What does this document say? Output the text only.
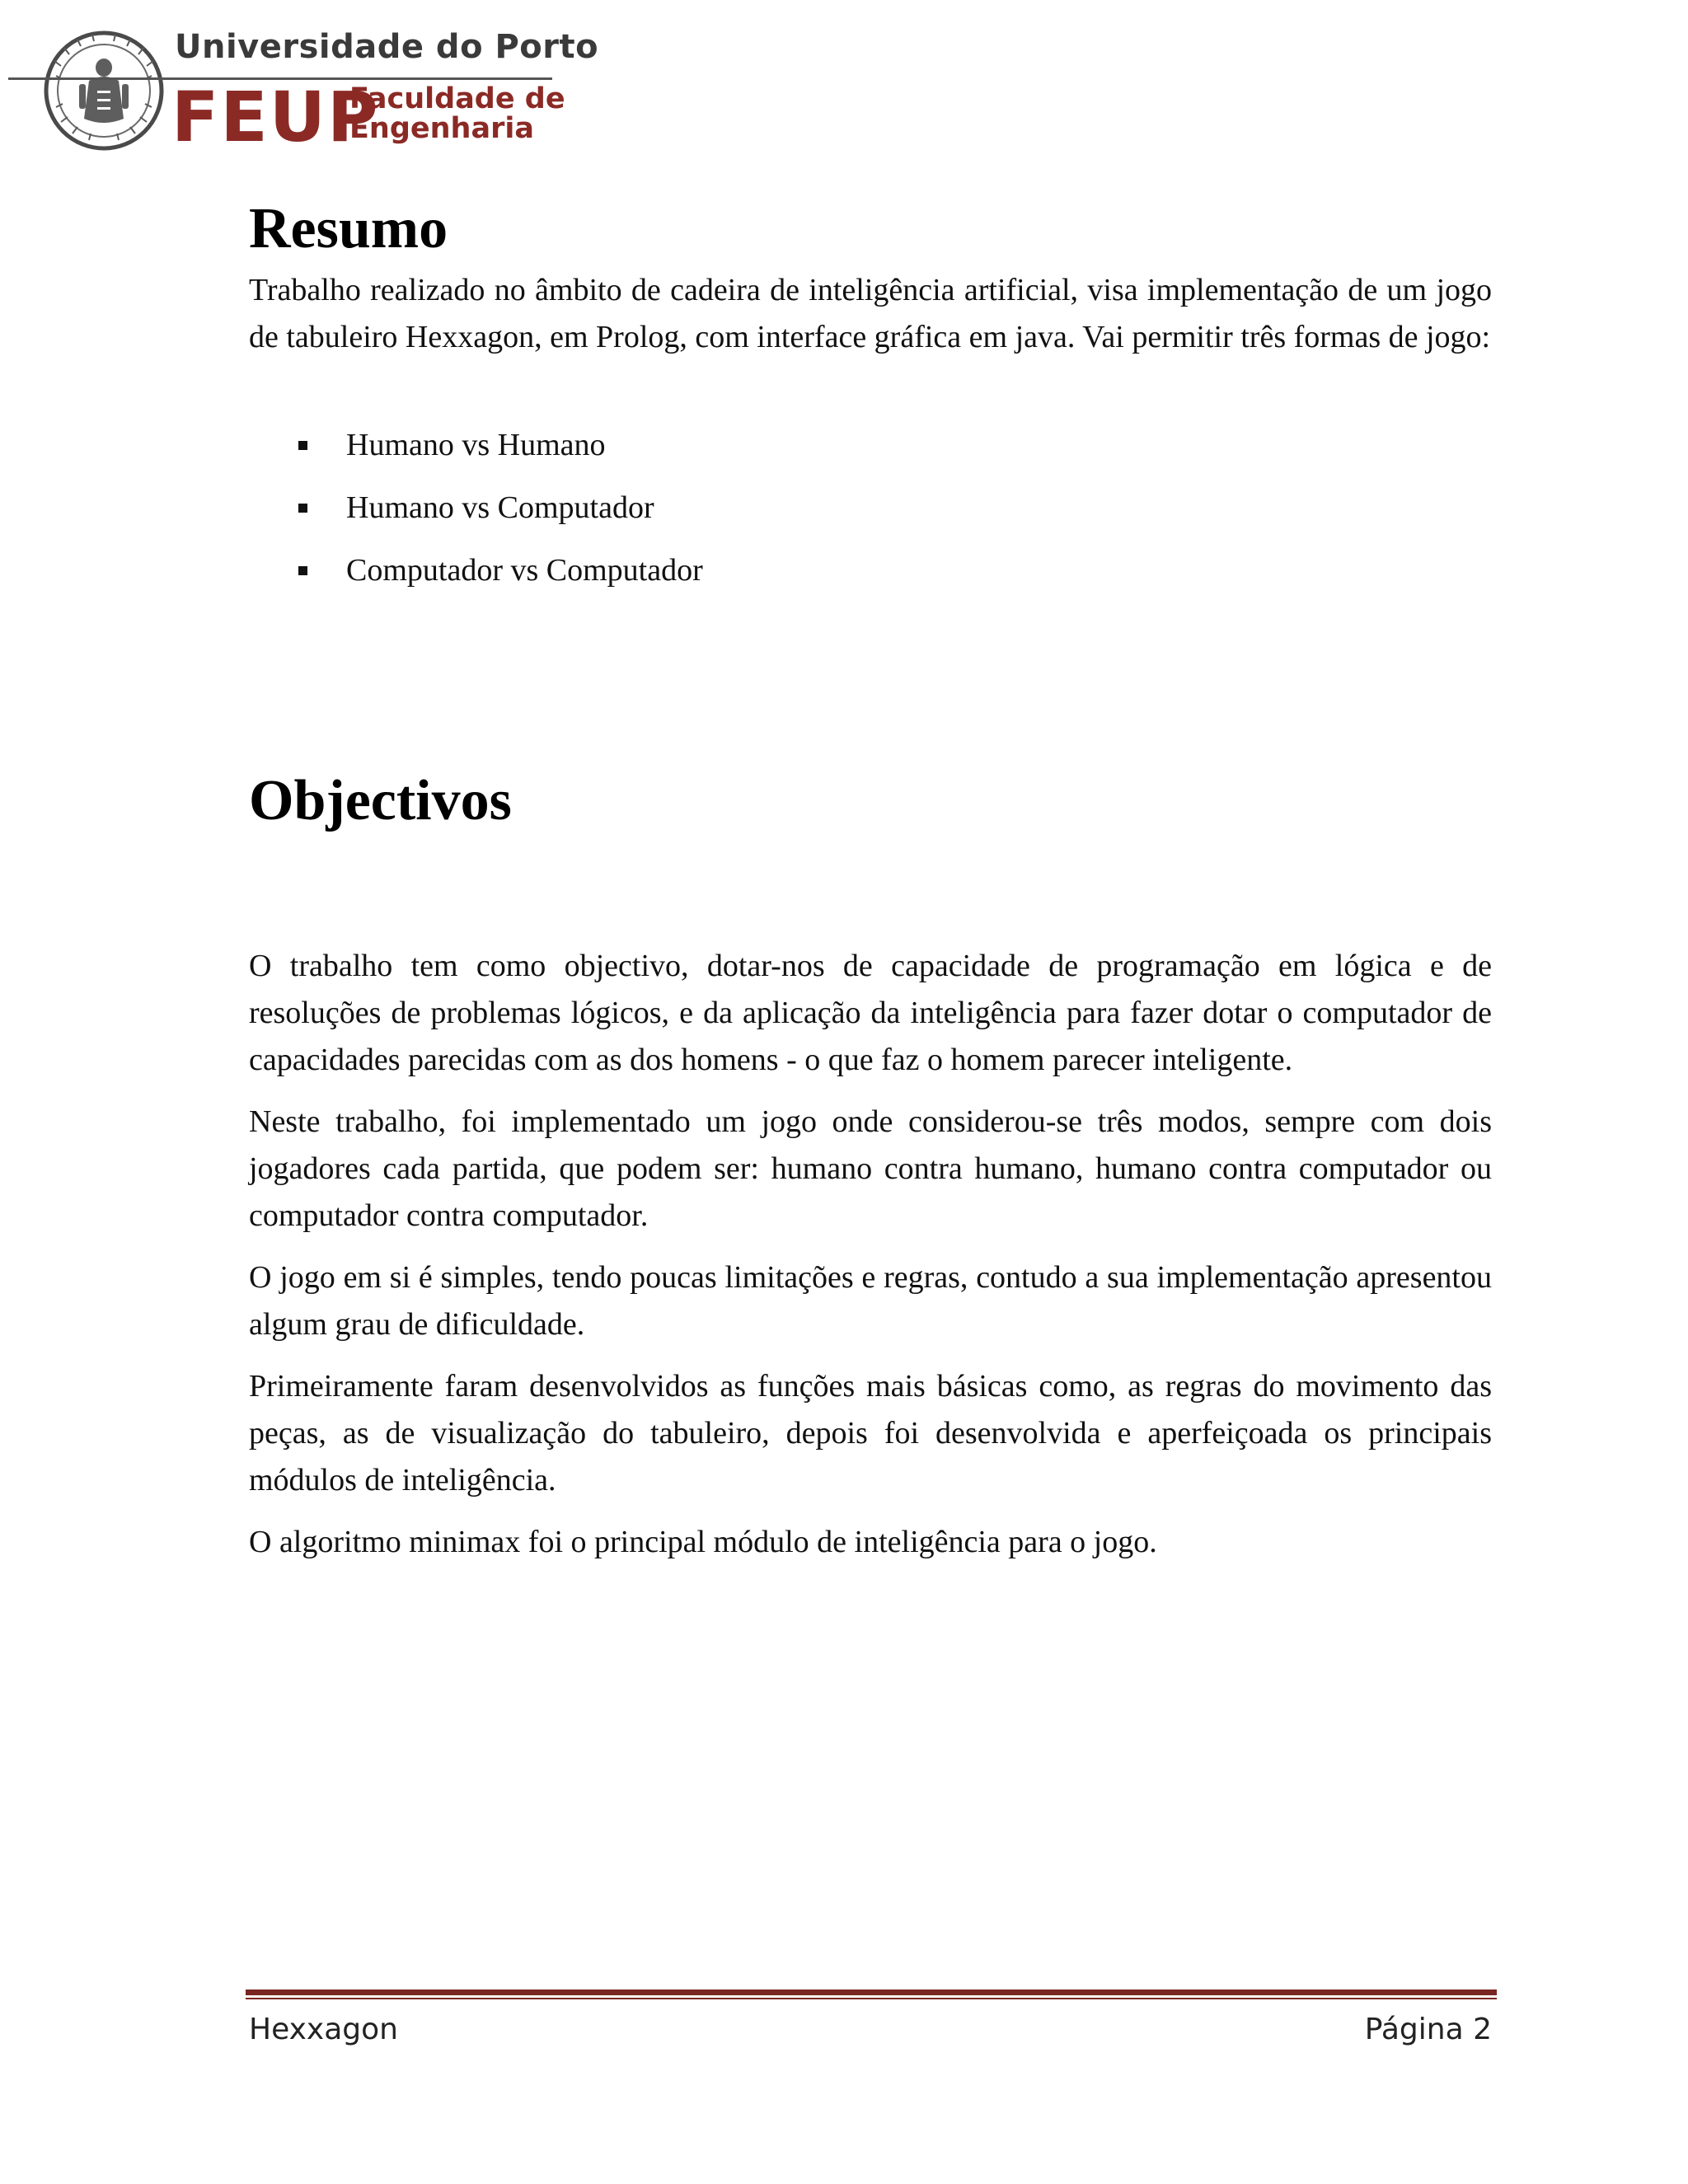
Universidade do Porto
FEUP
Faculdade de
Engenharia
Resumo

Trabalho realizado no âmbito de cadeira de inteligência artificial, visa implementação de um jogo de tabuleiro Hexxagon, em Prolog, com interface gráfica em java. Vai permitir três formas de jogo:

Humano vs Humano
Humano vs Computador
Computador vs Computador
Objectivos

O trabalho tem como objectivo, dotar-nos de capacidade de programação em lógica e de resoluções de problemas lógicos, e da aplicação da inteligência para fazer dotar o computador de capacidades parecidas com as dos homens - o que faz o homem parecer inteligente.

Neste trabalho, foi implementado um jogo onde considerou-se três modos, sempre com dois jogadores cada partida, que podem ser: humano contra humano, humano contra computador ou computador contra computador.

O jogo em si é simples, tendo poucas limitações e regras, contudo a sua implementação apresentou algum grau de dificuldade.

Primeiramente faram desenvolvidos as funções mais básicas como, as regras do movimento das peças, as de visualização do tabuleiro, depois foi desenvolvida e aperfeiçoada os principais módulos de inteligência.

O algoritmo minimax foi o principal módulo de inteligência para o jogo.

Hexxagon	Página 2
